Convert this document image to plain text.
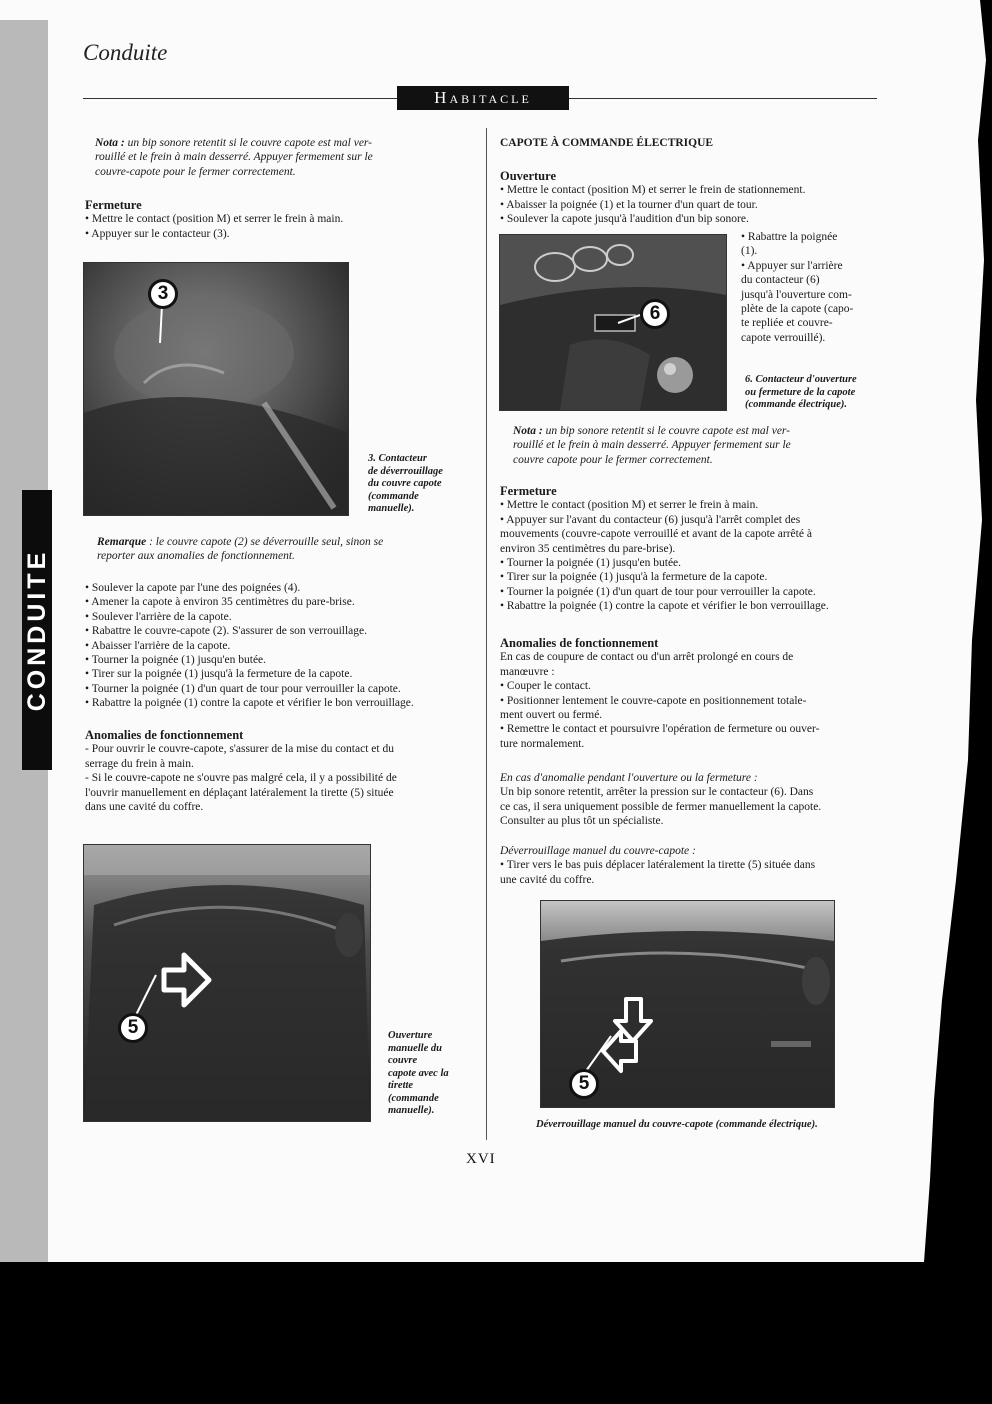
CONDUITE
Conduite
Habitacle
Nota : un bip sonore retentit si le couvre capote est mal ver-
rouillé et le frein à main desserré. Appuyer fermement sur le
couvre-capote pour le fermer correctement.
Fermeture
• Mettre le contact (position M) et serrer le frein à main.
• Appuyer sur le contacteur (3).
3
3. Contacteur
de déverrouillage
du couvre capote
(commande
manuelle).
Remarque : le couvre capote (2) se déverrouille seul, sinon se
reporter aux anomalies de fonctionnement.
• Soulever la capote par l'une des poignées (4).
• Amener la capote à environ 35 centimètres du pare-brise.
• Soulever l'arrière de la capote.
• Rabattre le couvre-capote (2). S'assurer de son verrouillage.
• Abaisser l'arrière de la capote.
• Tourner la poignée (1) jusqu'en butée.
• Tirer sur la poignée (1) jusqu'à la fermeture de la capote.
• Tourner la poignée (1) d'un quart de tour pour verrouiller la capote.
• Rabattre la poignée (1) contre la capote et vérifier le bon verrouillage.
Anomalies de fonctionnement
- Pour ouvrir le couvre-capote, s'assurer de la mise du contact et du
serrage du frein à main.
- Si le couvre-capote ne s'ouvre pas malgré cela, il y a possibilité de
l'ouvrir manuellement en déplaçant latéralement la tirette (5) située
dans une cavité du coffre.
5	Ouverture
manuelle du
couvre
capote avec la
tirette
(commande
manuelle).
CAPOTE À COMMANDE ÉLECTRIQUE
Ouverture
• Mettre le contact (position M) et serrer le frein de stationnement.
• Abaisser la poignée (1) et la tourner d'un quart de tour.
• Soulever la capote jusqu'à l'audition d'un bip sonore.
6
• Rabattre la poignée
(1).
• Appuyer sur l'arrière
du contacteur (6)
jusqu'à l'ouverture com-
plète de la capote (capo-
te repliée et couvre-
capote verrouillé).
6. Contacteur d'ouverture
ou fermeture de la capote
(commande électrique).
Nota : un bip sonore retentit si le couvre capote est mal ver-
rouillé et le frein à main desserré. Appuyer fermement sur le
couvre capote pour le fermer correctement.
Fermeture
• Mettre le contact (position M) et serrer le frein à main.
• Appuyer sur l'avant du contacteur (6) jusqu'à l'arrêt complet des
mouvements (couvre-capote verrouillé et avant de la capote arrêté à
environ 35 centimètres du pare-brise).
• Tourner la poignée (1) jusqu'en butée.
• Tirer sur la poignée (1) jusqu'à la fermeture de la capote.
• Tourner la poignée (1) d'un quart de tour pour verrouiller la capote.
• Rabattre la poignée (1) contre la capote et vérifier le bon verrouillage.
Anomalies de fonctionnement
En cas de coupure de contact ou d'un arrêt prolongé en cours de
manœuvre :
• Couper le contact.
• Positionner lentement le couvre-capote en positionnement totale-
ment ouvert ou fermé.
• Remettre le contact et poursuivre l'opération de fermeture ou ouver-
ture normalement.
En cas d'anomalie pendant l'ouverture ou la fermeture :
Un bip sonore retentit, arrêter la pression sur le contacteur (6). Dans
ce cas, il sera uniquement possible de fermer manuellement la capote.
Consulter au plus tôt un spécialiste.
Déverrouillage manuel du couvre-capote :
• Tirer vers le bas puis déplacer latéralement la tirette (5) située dans
une cavité du coffre.
5
Déverrouillage manuel du couvre-capote (commande électrique).
XVI
